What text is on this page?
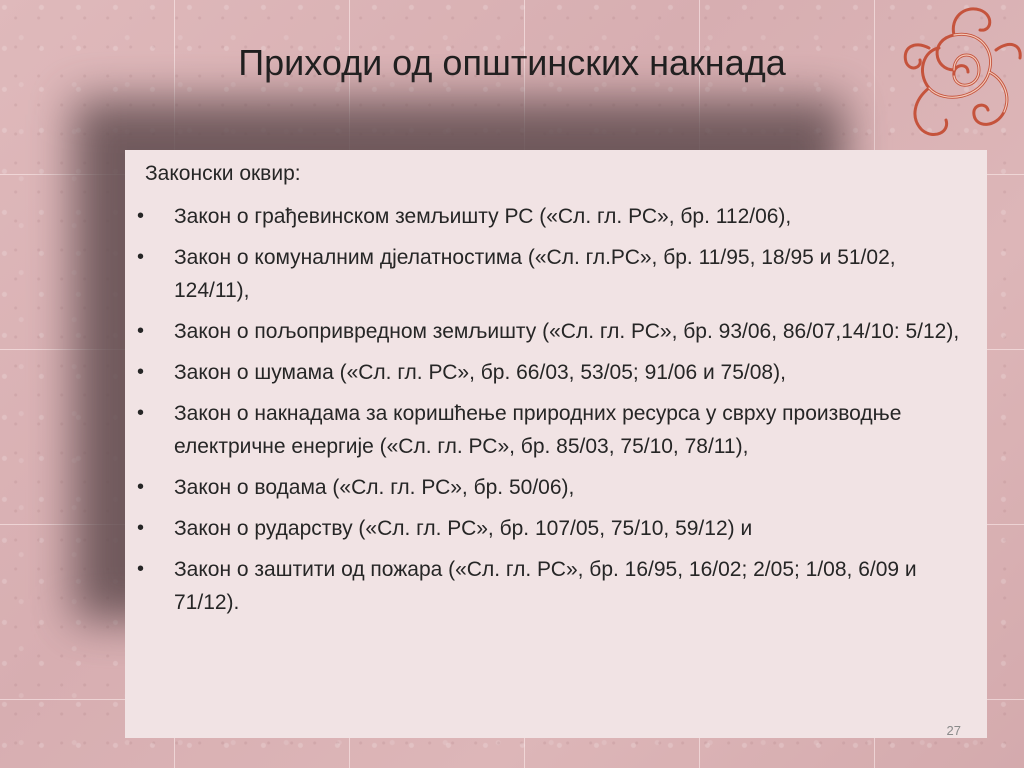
Приходи од општинских накнада

Законски оквир:

• Закон о грађевинском земљишту РС («Сл. гл. РС», бр. 112/06),
• Закон о комуналним дјелатностима («Сл. гл.РС», бр. 11/95, 18/95 и 51/02, 124/11),
• Закон о пољопривредном земљишту («Сл. гл. РС», бр. 93/06, 86/07,14/10: 5/12),
• Закон о шумама («Сл. гл. РС», бр. 66/03, 53/05; 91/06 и 75/08),
• Закон о накнадама за коришћење природних ресурса у сврху производње електричне енергије («Сл. гл. РС», бр. 85/03, 75/10, 78/11),
• Закон о водама («Сл. гл. РС», бр. 50/06),
• Закон о рударству («Сл. гл. РС», бр. 107/05, 75/10, 59/12) и
• Закон о заштити од пожара («Сл. гл. РС», бр. 16/95, 16/02; 2/05; 1/08, 6/09 и 71/12).
27
